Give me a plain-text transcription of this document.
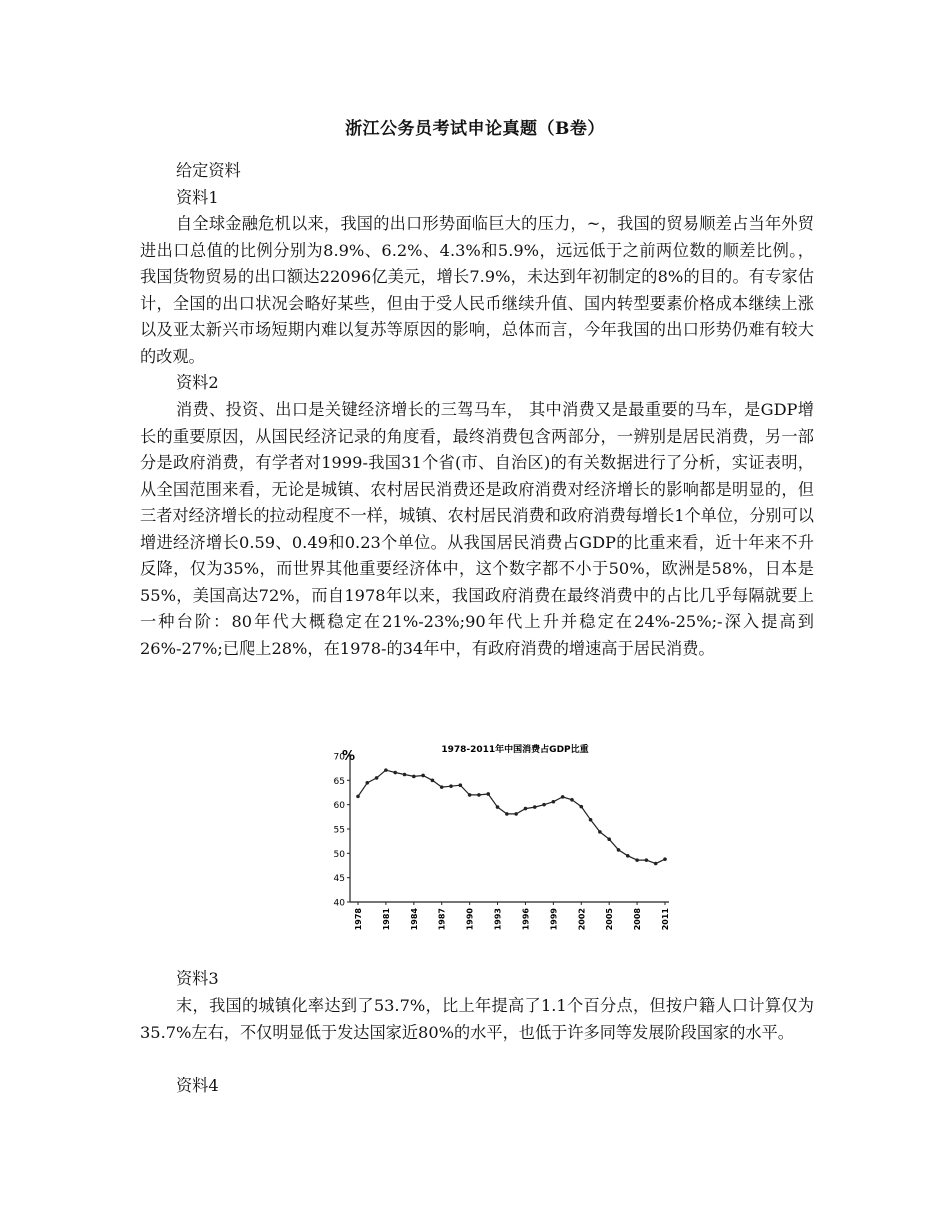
浙江公务员考试申论真题（B卷）
给定资料
资料1

自全球金融危机以来，我国的出口形势面临巨大的压力，~，我国的贸易顺差占当年外贸进出口总值的比例分别为8.9%、6.2%、4.3%和5.9%，远远低于之前两位数的顺差比例。，我国货物贸易的出口额达22096亿美元，增长7.9%，未达到年初制定的8%的目的。有专家估计，全国的出口状况会略好某些，但由于受人民币继续升值、国内转型要素价格成本继续上涨以及亚太新兴市场短期内难以复苏等原因的影响，总体而言，今年我国的出口形势仍难有较大的改观。

资料2

消费、投资、出口是关键经济增长的三驾马车， 其中消费又是最重要的马车，是GDP增长的重要原因，从国民经济记录的角度看，最终消费包含两部分，一辨别是居民消费，另一部分是政府消费，有学者对1999-我国31个省(市、自治区)的有关数据进行了分析，实证表明，从全国范围来看，无论是城镇、农村居民消费还是政府消费对经济增长的影响都是明显的，但三者对经济增长的拉动程度不一样，城镇、农村居民消费和政府消费每增长1个单位，分别可以增进经济增长0.59、0.49和0.23个单位。从我国居民消费占GDP的比重来看，近十年来不升反降，仅为35%，而世界其他重要经济体中，这个数字都不小于50%，欧洲是58%，日本是55%，美国高达72%，而自1978年以来，我国政府消费在最终消费中的占比几乎每隔就要上一种台阶：80年代大概稳定在21%-23%;90年代上升并稳定在24%-25%;-深入提高到26%-27%;已爬上28%，在1978-的34年中，有政府消费的增速高于居民消费。

1978-2011年中国消费占GDP比重
%
40
45
50
55
60
65
70
1978 1981 1984 1987 1990 1993 1996 1999 2002 2005 2008 2011
资料3

末，我国的城镇化率达到了53.7%，比上年提高了1.1个百分点，但按户籍人口计算仅为35.7%左右，不仅明显低于发达国家近80%的水平，也低于许多同等发展阶段国家的水平。

资料4
